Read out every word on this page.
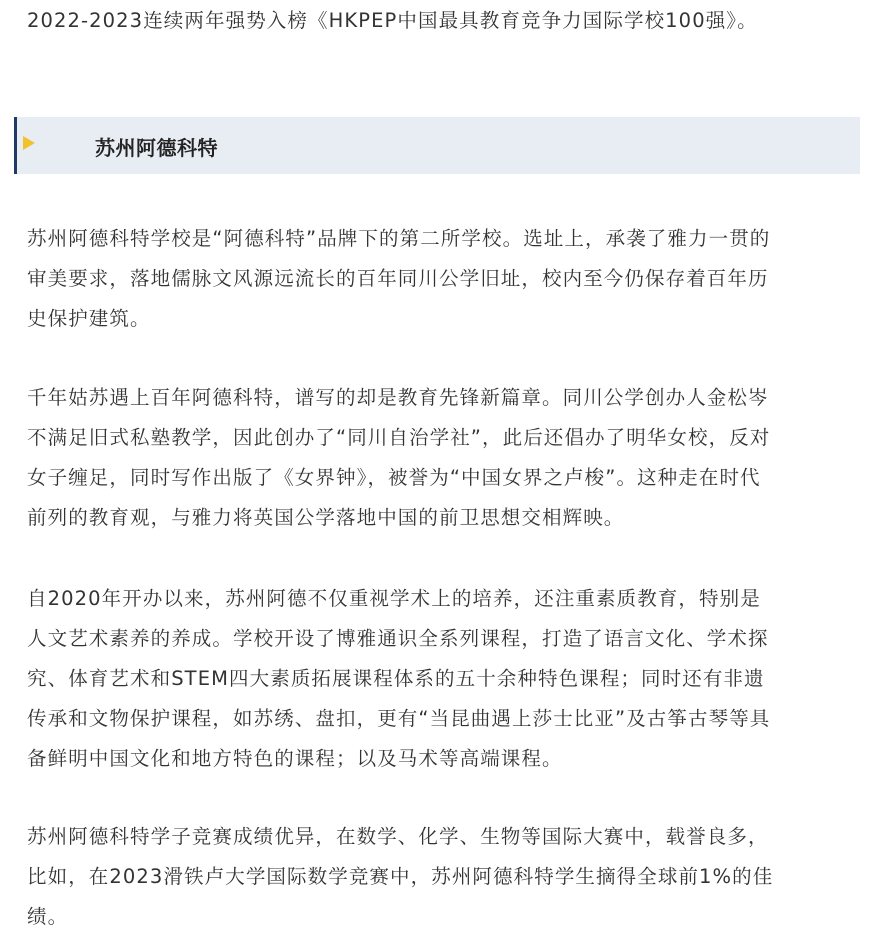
2022-2023连续两年强势入榜《HKPEP中国最具教育竞争力国际学校100强》。

苏州阿德科特

苏州阿德科特学校是“阿德科特”品牌下的第二所学校。选址上，承袭了雅力一贯的
审美要求，落地儒脉文风源远流长的百年同川公学旧址，校内至今仍保存着百年历
史保护建筑。

千年姑苏遇上百年阿德科特，谱写的却是教育先锋新篇章。同川公学创办人金松岑
不满足旧式私塾教学，因此创办了“同川自治学社”，此后还倡办了明华女校，反对
女子缠足，同时写作出版了《女界钟》，被誉为“中国女界之卢梭”。这种走在时代
前列的教育观，与雅力将英国公学落地中国的前卫思想交相辉映。

自2020年开办以来，苏州阿德不仅重视学术上的培养，还注重素质教育，特别是
人文艺术素养的养成。学校开设了博雅通识全系列课程，打造了语言文化、学术探
究、体育艺术和STEM四大素质拓展课程体系的五十余种特色课程；同时还有非遗
传承和文物保护课程，如苏绣、盘扣，更有“当昆曲遇上莎士比亚”及古筝古琴等具
备鲜明中国文化和地方特色的课程；以及马术等高端课程。

苏州阿德科特学子竞赛成绩优异，在数学、化学、生物等国际大赛中，载誉良多，
比如，在2023滑铁卢大学国际数学竞赛中，苏州阿德科特学生摘得全球前1%的佳
绩。
